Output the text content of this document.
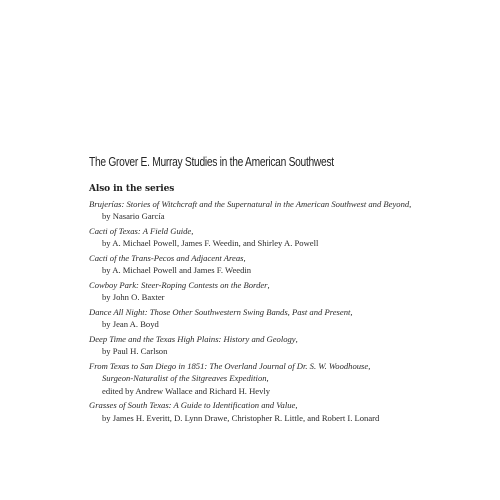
The Grover E. Murray Studies in the American Southwest
Also in the series
Brujerías: Stories of Witchcraft and the Supernatural in the American Southwest and Beyond,
by Nasario García
Cacti of Texas: A Field Guide,
by A. Michael Powell, James F. Weedin, and Shirley A. Powell
Cacti of the Trans-Pecos and Adjacent Areas,
by A. Michael Powell and James F. Weedin
Cowboy Park: Steer-Roping Contests on the Border,
by John O. Baxter
Dance All Night: Those Other Southwestern Swing Bands, Past and Present,
by Jean A. Boyd
Deep Time and the Texas High Plains: History and Geology,
by Paul H. Carlson
From Texas to San Diego in 1851: The Overland Journal of Dr. S. W. Woodhouse,
Surgeon-Naturalist of the Sitgreaves Expedition,
edited by Andrew Wallace and Richard H. Hevly
Grasses of South Texas: A Guide to Identification and Value,
by James H. Everitt, D. Lynn Drawe, Christopher R. Little, and Robert I. Lonard
